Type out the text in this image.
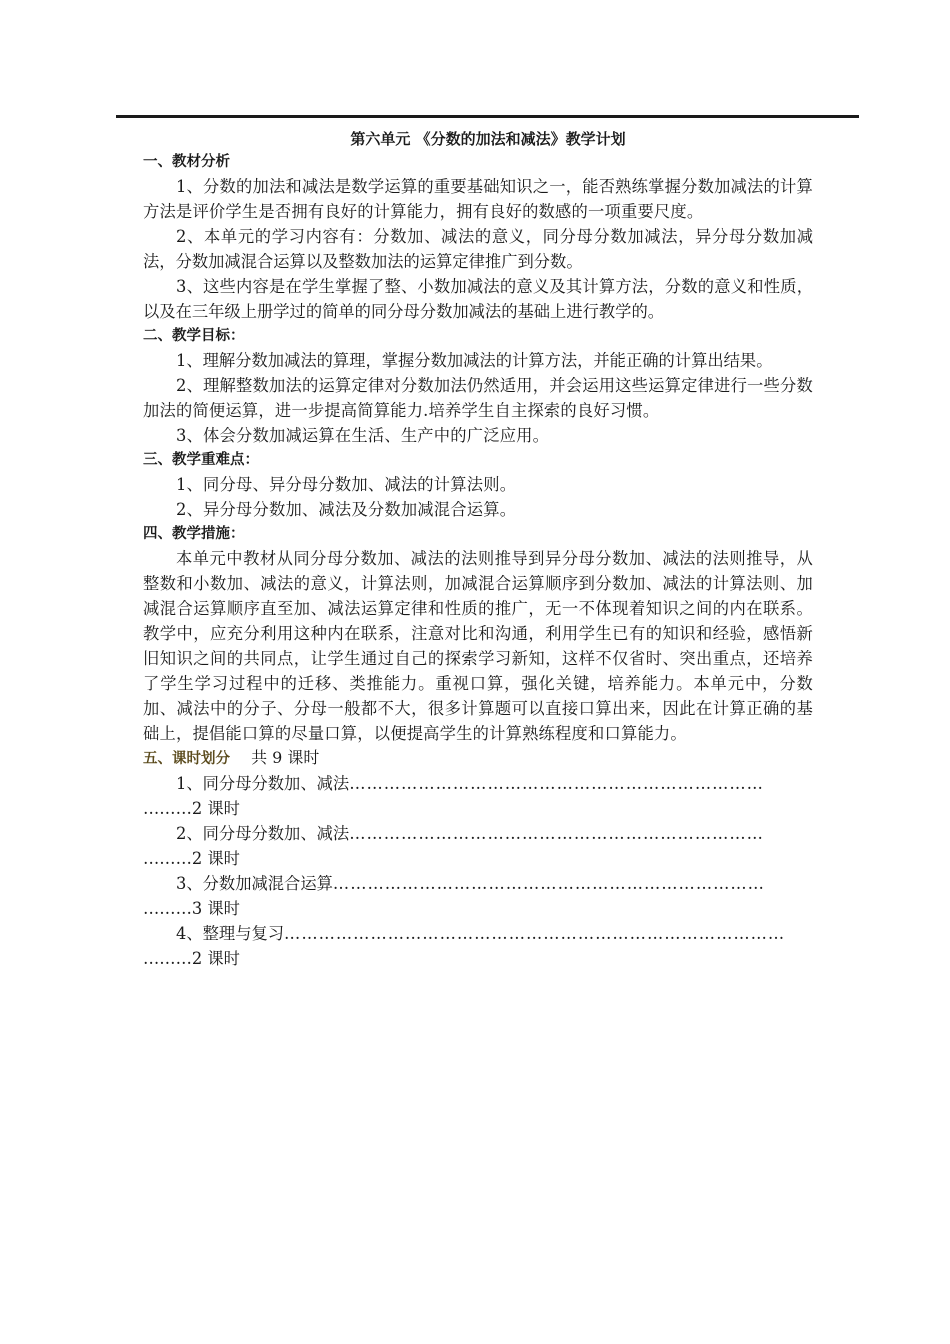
第六单元 《分数的加法和减法》教学计划
一、教材分析

1、分数的加法和减法是数学运算的重要基础知识之一，能否熟练掌握分数加减法的计算方法是评价学生是否拥有良好的计算能力，拥有良好的数感的一项重要尺度。

2、本单元的学习内容有：分数加、减法的意义，同分母分数加减法，异分母分数加减法，分数加减混合运算以及整数加法的运算定律推广到分数。

3、这些内容是在学生掌握了整、小数加减法的意义及其计算方法，分数的意义和性质，以及在三年级上册学过的简单的同分母分数加减法的基础上进行教学的。

二、教学目标：

1、理解分数加减法的算理，掌握分数加减法的计算方法，并能正确的计算出结果。

2、理解整数加法的运算定律对分数加法仍然适用，并会运用这些运算定律进行一些分数加法的简便运算，进一步提高简算能力.培养学生自主探索的良好习惯。

3、体会分数加减运算在生活、生产中的广泛应用。

三、教学重难点：

1、同分母、异分母分数加、减法的计算法则。

2、异分母分数加、减法及分数加减混合运算。

四、教学措施：

本单元中教材从同分母分数加、减法的法则推导到异分母分数加、减法的法则推导，从整数和小数加、减法的意义，计算法则，加减混合运算顺序到分数加、减法的计算法则、加减混合运算顺序直至加、减法运算定律和性质的推广，无一不体现着知识之间的内在联系。教学中，应充分利用这种内在联系，注意对比和沟通，利用学生已有的知识和经验，感悟新旧知识之间的共同点，让学生通过自己的探索学习新知，这样不仅省时、突出重点，还培养了学生学习过程中的迁移、类推能力。重视口算，强化关键，培养能力。本单元中，分数加、减法中的分子、分母一般都不大，很多计算题可以直接口算出来，因此在计算正确的基础上，提倡能口算的尽量口算，以便提高学生的计算熟练程度和口算能力。

五、课时划分 共 9 课时
1、同分母分数加、减法………………………………………………………………
………2 课时
2、同分母分数加、减法………………………………………………………………
………2 课时
3、分数加减混合运算…………………………………………………………………
………3 课时
4、整理与复习……………………………………………………………………………
………2 课时
